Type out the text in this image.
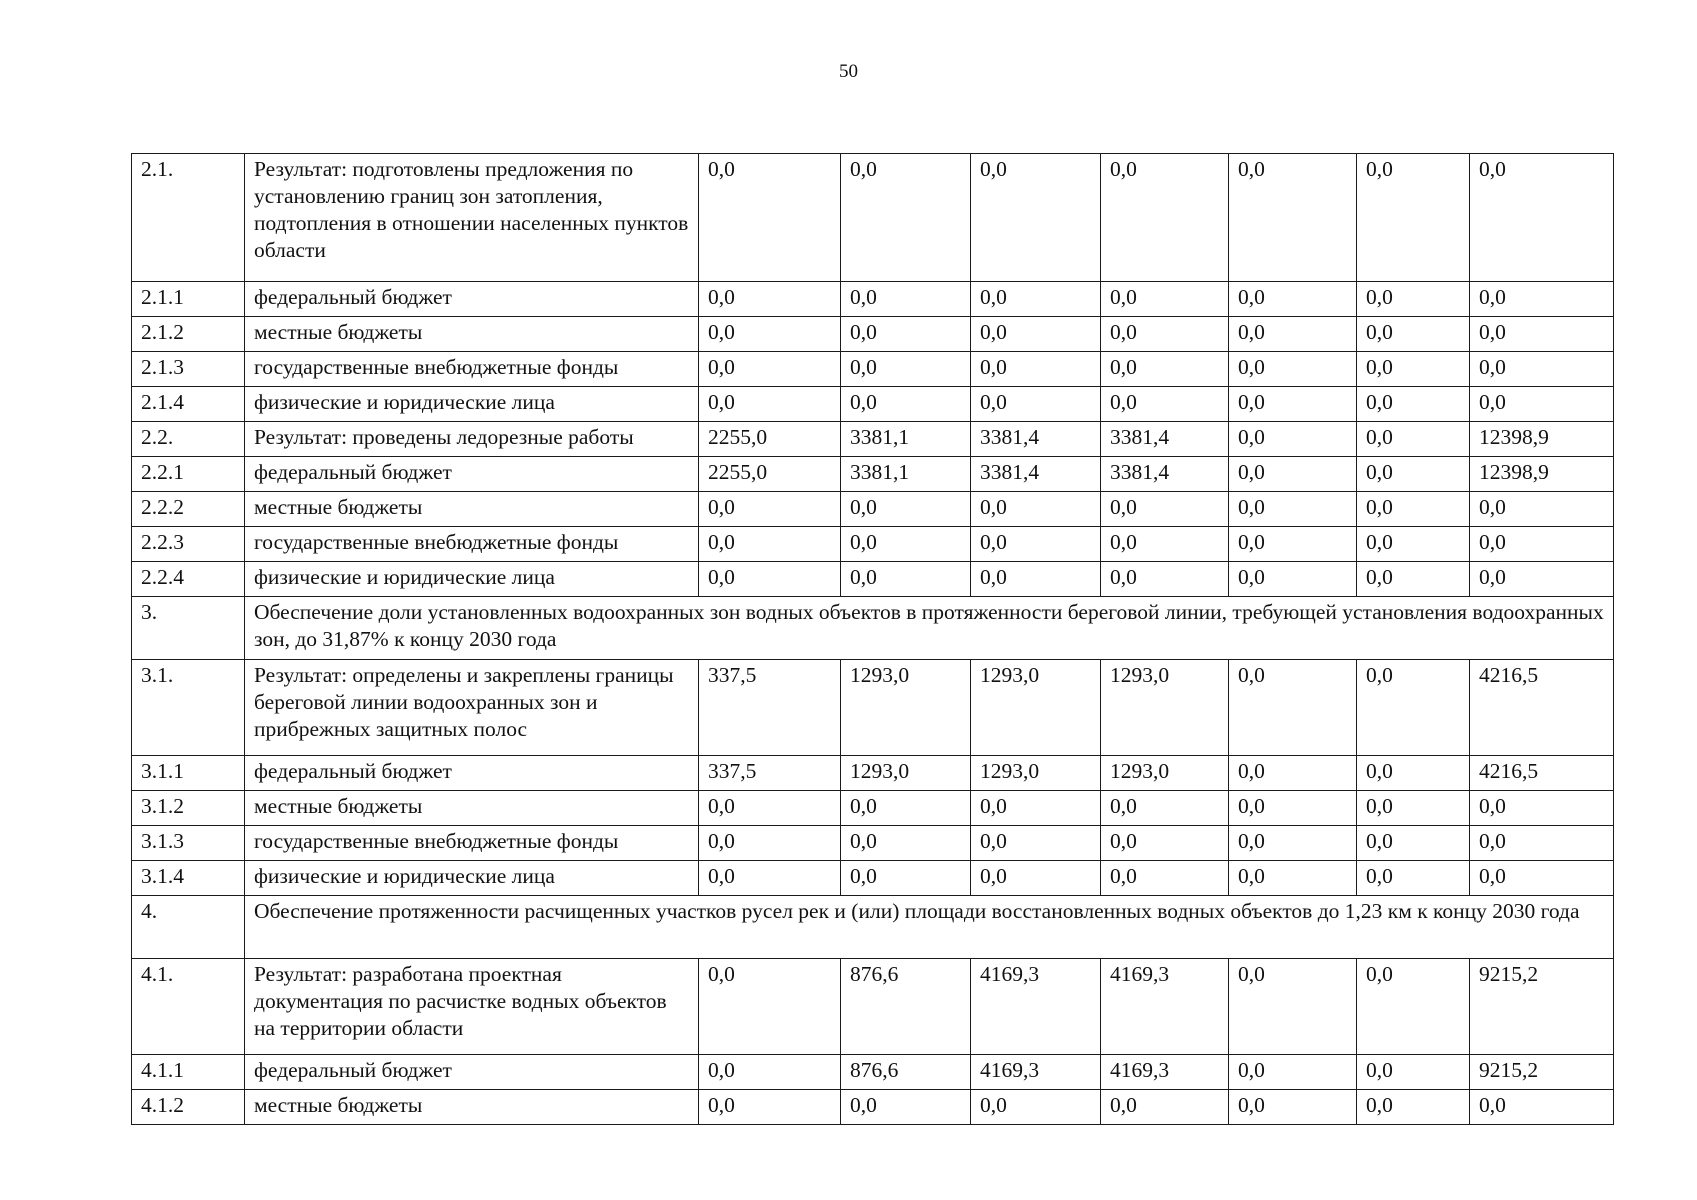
50
2.1.	Результат: подготовлены предложения по установлению границ зон затопления, подтопления в отношении населенных пунктов области	0,0	0,0	0,0	0,0	0,0	0,0	0,0
2.1.1	федеральный бюджет	0,0	0,0	0,0	0,0	0,0	0,0	0,0
2.1.2	местные бюджеты	0,0	0,0	0,0	0,0	0,0	0,0	0,0
2.1.3	государственные внебюджетные фонды	0,0	0,0	0,0	0,0	0,0	0,0	0,0
2.1.4	физические и юридические лица	0,0	0,0	0,0	0,0	0,0	0,0	0,0
2.2.	Результат: проведены ледорезные работы	2255,0	3381,1	3381,4	3381,4	0,0	0,0	12398,9
2.2.1	федеральный бюджет	2255,0	3381,1	3381,4	3381,4	0,0	0,0	12398,9
2.2.2	местные бюджеты	0,0	0,0	0,0	0,0	0,0	0,0	0,0
2.2.3	государственные внебюджетные фонды	0,0	0,0	0,0	0,0	0,0	0,0	0,0
2.2.4	физические и юридические лица	0,0	0,0	0,0	0,0	0,0	0,0	0,0
3.	Обеспечение доли установленных водоохранных зон водных объектов в протяженности береговой линии, требующей установления водоохранных зон, до 31,87% к концу 2030 года							
3.1.	Результат: определены и закреплены границы береговой линии водоохранных зон и прибрежных защитных полос	337,5	1293,0	1293,0	1293,0	0,0	0,0	4216,5
3.1.1	федеральный бюджет	337,5	1293,0	1293,0	1293,0	0,0	0,0	4216,5
3.1.2	местные бюджеты	0,0	0,0	0,0	0,0	0,0	0,0	0,0
3.1.3	государственные внебюджетные фонды	0,0	0,0	0,0	0,0	0,0	0,0	0,0
3.1.4	физические и юридические лица	0,0	0,0	0,0	0,0	0,0	0,0	0,0
4.	Обеспечение протяженности расчищенных участков русел рек и (или) площади восстановленных водных объектов до 1,23 км к концу 2030 года							
4.1.	Результат: разработана проектная документация по расчистке водных объектов на территории области	0,0	876,6	4169,3	4169,3	0,0	0,0	9215,2
4.1.1	федеральный бюджет	0,0	876,6	4169,3	4169,3	0,0	0,0	9215,2
4.1.2	местные бюджеты	0,0	0,0	0,0	0,0	0,0	0,0	0,0
